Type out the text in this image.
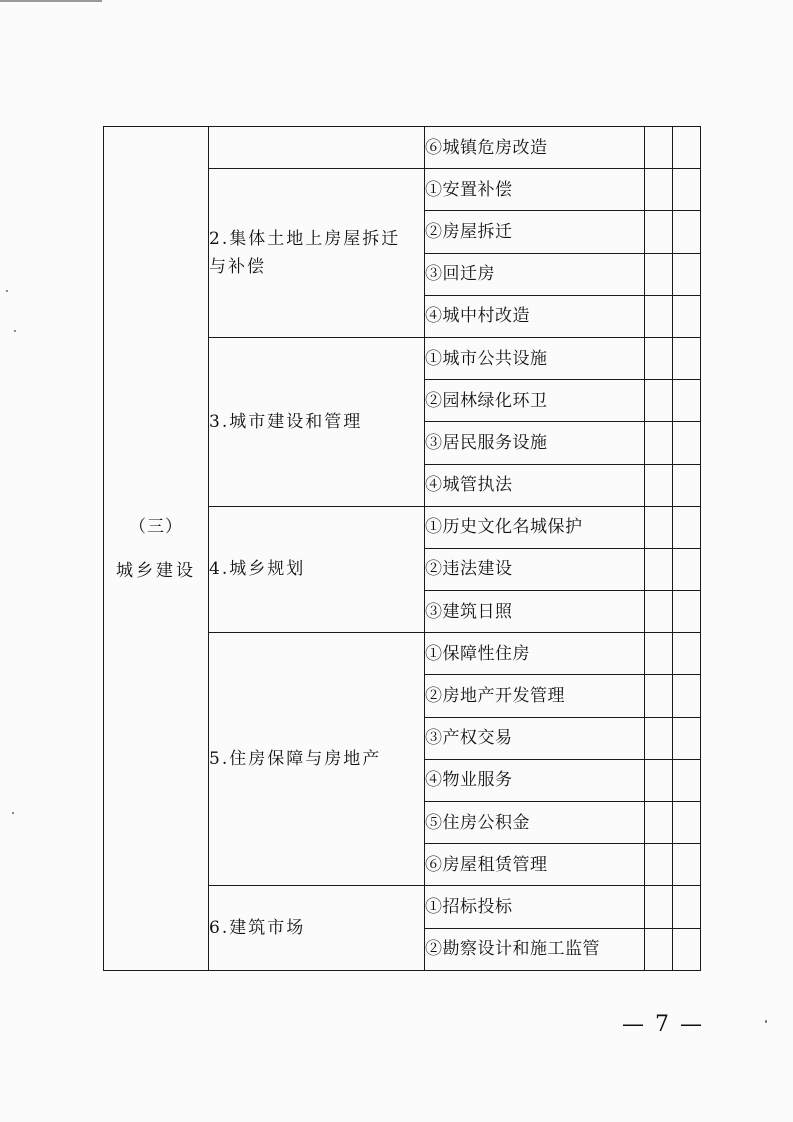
（三）
城乡建设		⑥城镇危房改造		

	2.集体土地上房屋拆迁与补偿	①安置补偿		
		②房屋拆迁		
		③回迁房		
		④城中村改造		
	3.城市建设和管理	①城市公共设施		
		②园林绿化环卫		
		③居民服务设施		
		④城管执法		
	4.城乡规划	①历史文化名城保护		
		②违法建设		
		③建筑日照		
	5.住房保障与房地产	①保障性住房		
		②房地产开发管理		
		③产权交易		
		④物业服务		
		⑤住房公积金		
		⑥房屋租赁管理		
	6.建筑市场	①招标投标		
		②勘察设计和施工监管		
— 7 —
